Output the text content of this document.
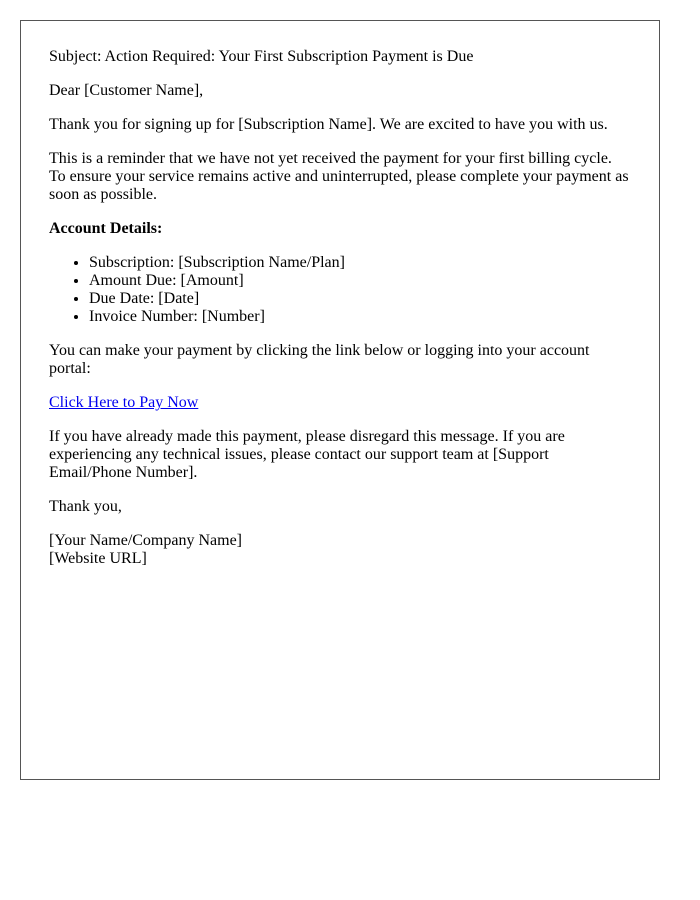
Subject: Action Required: Your First Subscription Payment is Due

Dear [Customer Name],

Thank you for signing up for [Subscription Name]. We are excited to have you with us.

This is a reminder that we have not yet received the payment for your first billing cycle. To ensure your service remains active and uninterrupted, please complete your payment as soon as possible.

Account Details:

• Subscription: [Subscription Name/Plan]
• Amount Due: [Amount]
• Due Date: [Date]
• Invoice Number: [Number]

You can make your payment by clicking the link below or logging into your account portal:

Click Here to Pay Now

If you have already made this payment, please disregard this message. If you are experiencing any technical issues, please contact our support team at [Support Email/Phone Number].

Thank you,

[Your Name/Company Name]
[Website URL]
